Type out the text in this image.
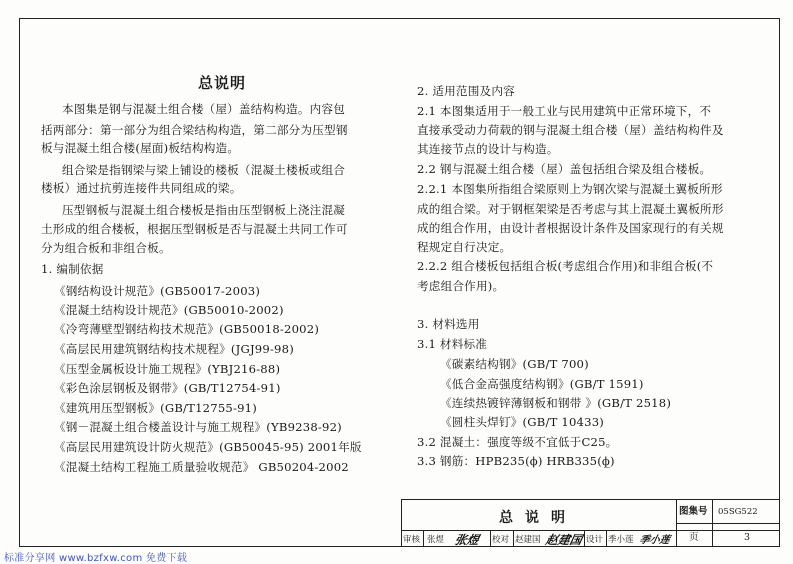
总说明
本图集是钢与混凝土组合楼（屋）盖结构构造。内容包
括两部分：第一部分为组合梁结构构造，第二部分为压型钢
板与混凝土组合楼(屋面)板结构构造。
组合梁是指钢梁与梁上铺设的楼板（混凝土楼板或组合
楼板）通过抗剪连接件共同组成的梁。
压型钢板与混凝土组合楼板是指由压型钢板上浇注混凝
土形成的组合楼板，根据压型钢板是否与混凝土共同工作可
分为组合板和非组合板。
1. 编制依据
《钢结构设计规范》(GB50017-2003)
《混凝土结构设计规范》(GB50010-2002)
《冷弯薄壁型钢结构技术规范》(GB50018-2002)
《高层民用建筑钢结构技术规程》(JGJ99-98)
《压型金属板设计施工规程》(YBJ216-88)
《彩色涂层钢板及钢带》(GB/T12754-91)
《建筑用压型钢板》(GB/T12755-91)
《钢－混凝土组合楼盖设计与施工规程》(YB9238-92)
《高层民用建筑设计防火规范》(GB50045-95) 2001年版
《混凝土结构工程施工质量验收规范》 GB50204-2002
2. 适用范围及内容
2.1 本图集适用于一般工业与民用建筑中正常环境下，不
直接承受动力荷载的钢与混凝土组合楼（屋）盖结构构件及
其连接节点的设计与构造。
2.2 钢与混凝土组合楼（屋）盖包括组合梁及组合楼板。
2.2.1 本图集所指组合梁原则上为钢次梁与混凝土翼板所形
成的组合梁。对于钢框架梁是否考虑与其上混凝土翼板所形
成的组合作用，由设计者根据设计条件及国家现行的有关规
程规定自行决定。
2.2.2 组合楼板包括组合板(考虑组合作用)和非组合板(不
考虑组合作用)。
3. 材料选用
3.1 材料标准
《碳素结构钢》(GB/T 700)
《低合金高强度结构钢》(GB/T 1591)
《连续热镀锌薄钢板和钢带 》(GB/T 2518)
《圆柱头焊钉》(GB/T 10433)
3.2 混凝土：强度等级不宜低于C25。
3.3 钢筋：HPB235(ϕ) HRB335(ϕ̲)
总说明	图集号 05SG522
页	3
审核 张煜 张煜 校对 赵建国 赵建国 设计 季小莲 季小莲
标准分享网 www.bzfxw.com 免费下载
